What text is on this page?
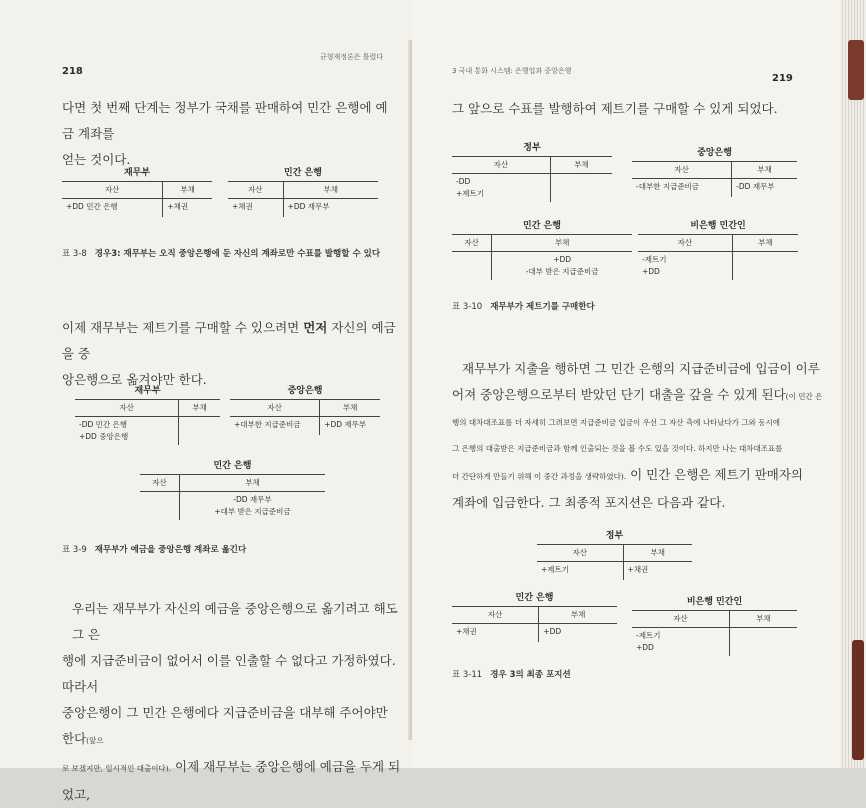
218
균형재정론은 틀렸다
다면 첫 번째 단계는 정부가 국채를 판매하여 민간 은행에 예금 계좌를
얻는 것이다.
재무부
자산	부채
+DD 민간 은행	+채권
민간 은행
자산	부채
+채권	+DD 재무부
표 3-8 경우3: 재무부는 오직 중앙은행에 둔 자신의 계좌로만 수표를 발행할 수 있다
이제 재무부는 제트기를 구매할 수 있으려면 먼저 자신의 예금을 중
앙은행으로 옮겨야만 한다.
재무부
자산	부채

-DD 민간 은행
+DD 중앙은행	

중앙은행
자산	부채
+대부한 지급준비금	+DD 재무부
민간 은행
자산	부채

	-DD 재무부
+대부 받은 지급준비금
표 3-9 재무부가 예금을 중앙은행 계좌로 옮긴다
우리는 재무부가 자신의 예금을 중앙은행으로 옮기려고 해도 그 은
행에 지급준비금이 없어서 이를 인출할 수 없다고 가정하였다. 따라서
중앙은행이 그 민간 은행에다 지급준비금을 대부해 주어야만 한다(앞으
로 보겠지만, 일시적인 대출이다). 이제 재무부는 중앙은행에 예금을 두게 되었고,
3 국내 통화 시스템: 은행업과 중앙은행
219
그 앞으로 수표를 발행하여 제트기를 구매할 수 있게 되었다.
정부
자산	부채

-DD
+제트기	

중앙은행
자산	부채
-대부한 지급준비금	-DD 재무부
민간 은행
자산	부채

	+DD
-대부 받은 지급준비금
비은행 민간인
자산	부채

-제트기
+DD	

표 3-10 재무부가 제트기를 구매한다
재무부가 지출을 행하면 그 민간 은행의 지급준비금에 입금이 이루
어져 중앙은행으로부터 받았던 단기 대출을 갚을 수 있게 된다(이 민간 은
행의 대차대조표를 더 자세히 그려보면 지급준비금 입금이 우선 그 자산 측에 나타났다가 그와 동시에
그 은행의 대출받은 지급준비금과 함께 인출되는 것을 볼 수도 있을 것이다. 하지만 나는 대차대조표를
더 간단하게 만들기 위해 이 중간 과정을 생략하였다). 이 민간 은행은 제트기 판매자의
계좌에 입금한다. 그 최종적 포지션은 다음과 같다.
정부
자산	부채
+제트기	+채권
민간 은행
자산	부채
+채권	+DD
비은행 민간인
자산	부채

-제트기
+DD	

표 3-11 경우 3의 최종 포지션
